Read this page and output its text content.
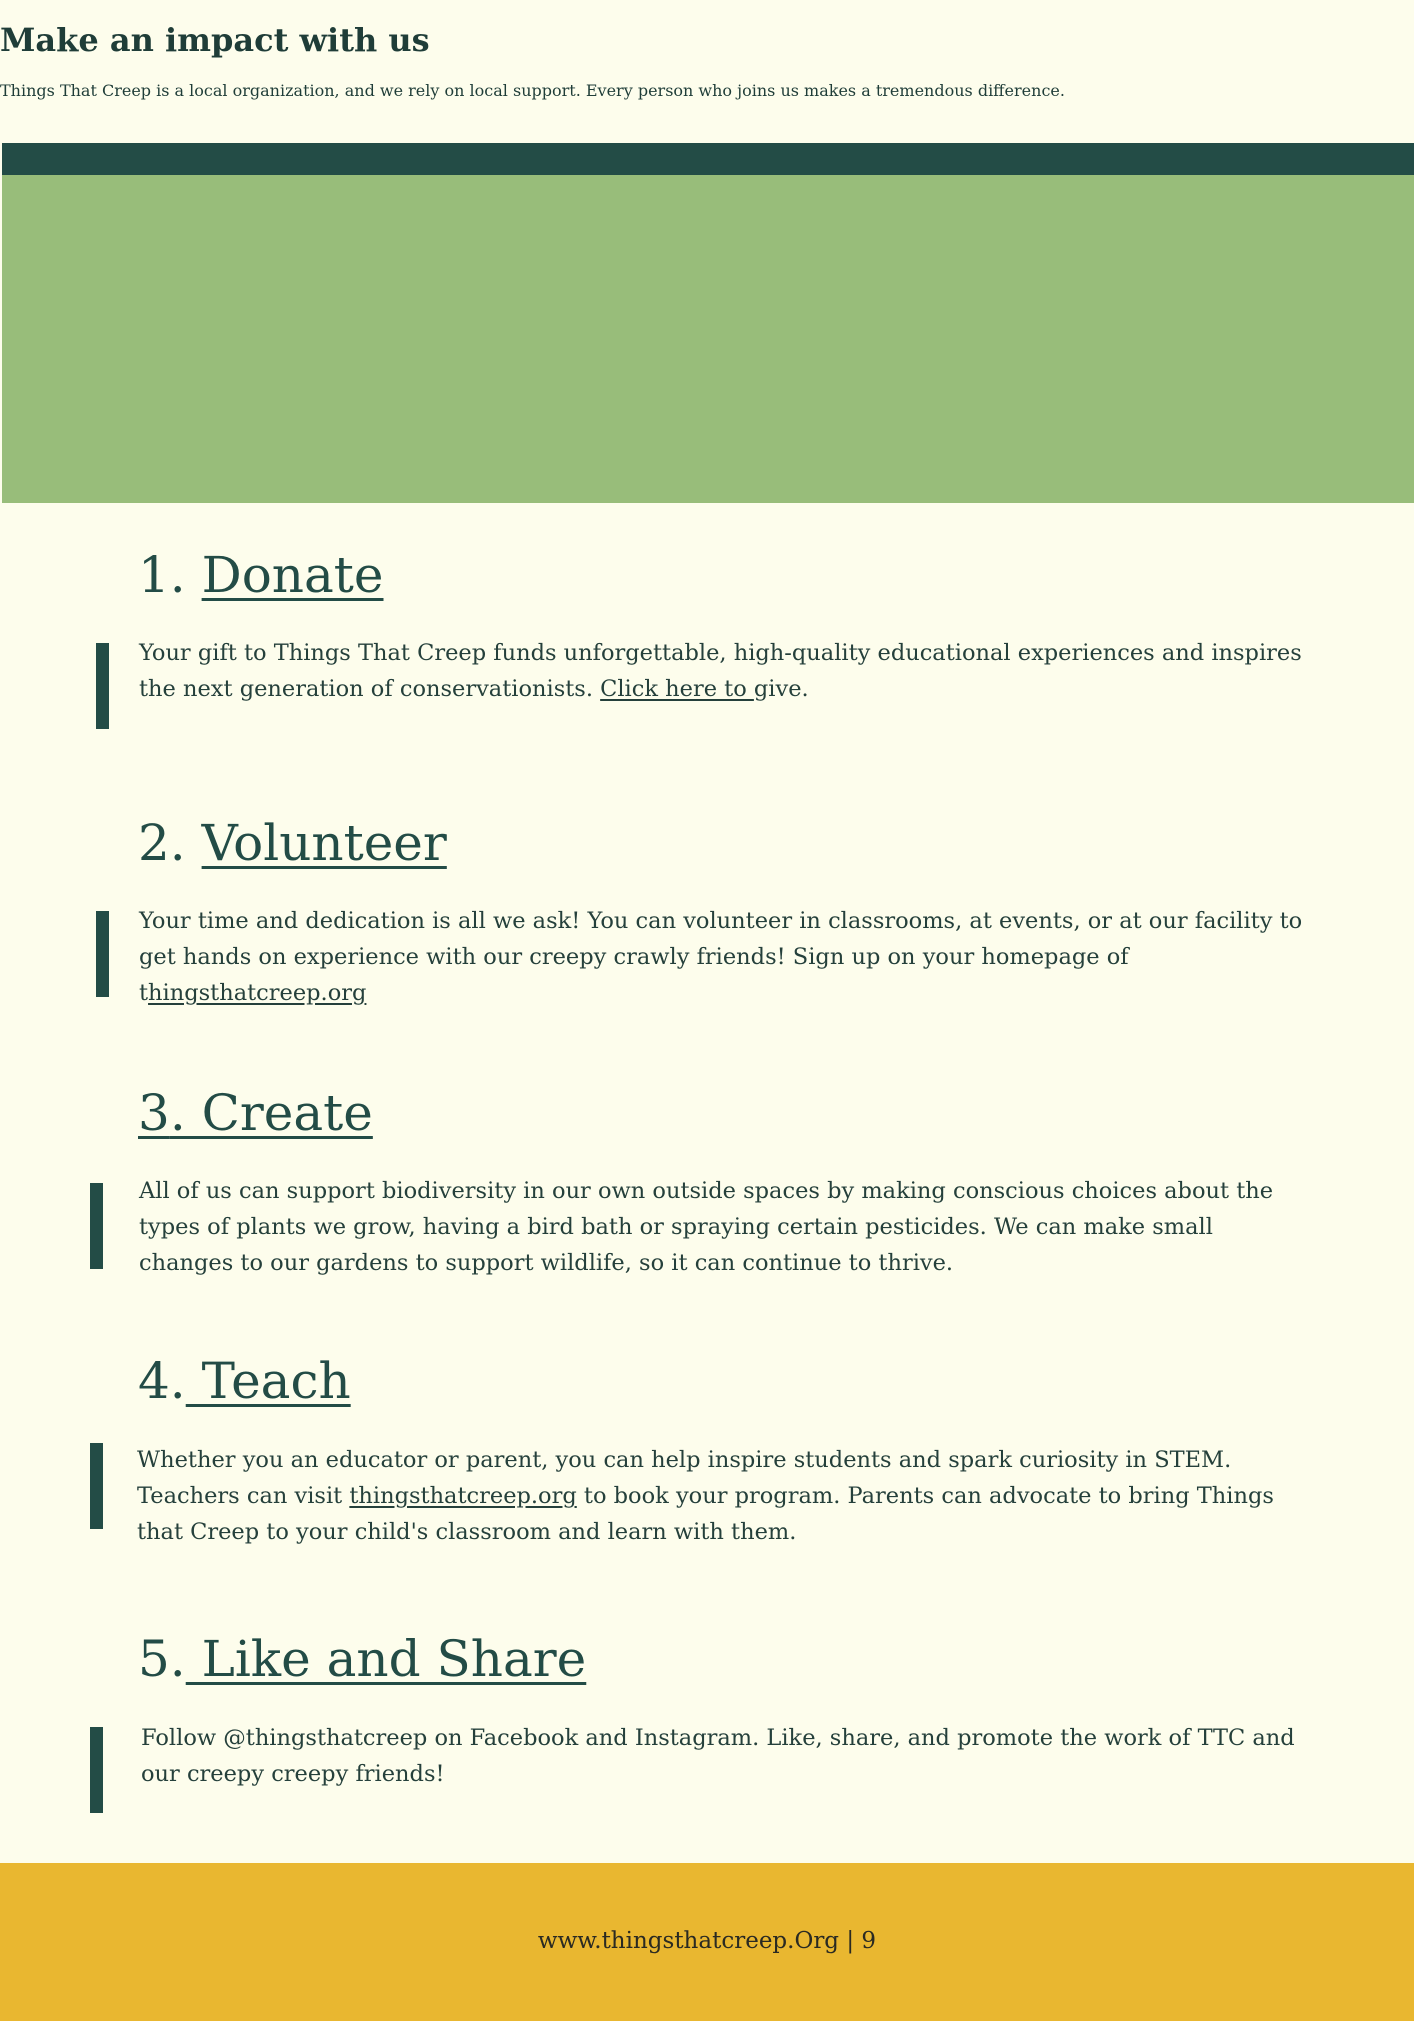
Make an impact with us

Things That Creep is a local organization, and we rely on local support. Every person who joins us makes a tremendous difference.

1. Donate

Your gift to Things That Creep funds unforgettable, high-quality educational experiences and inspires the next generation of conservationists. Click here to give.

2. Volunteer

Your time and dedication is all we ask! You can volunteer in classrooms, at events, or at our facility to get hands on experience with our creepy crawly friends! Sign up on your homepage of thingsthatcreep.org

3. Create

All of us can support biodiversity in our own outside spaces by making conscious choices about the types of plants we grow, having a bird bath or spraying certain pesticides. We can make small changes to our gardens to support wildlife, so it can continue to thrive.

4. Teach

Whether you an educator or parent, you can help inspire students and spark curiosity in STEM. Teachers can visit thingsthatcreep.org to book your program. Parents can advocate to bring Things that Creep to your child's classroom and learn with them.

5. Like and Share

Follow @thingsthatcreep on Facebook and Instagram. Like, share, and promote the work of TTC and our creepy creepy friends!

www.thingsthatcreep.Org | 9
